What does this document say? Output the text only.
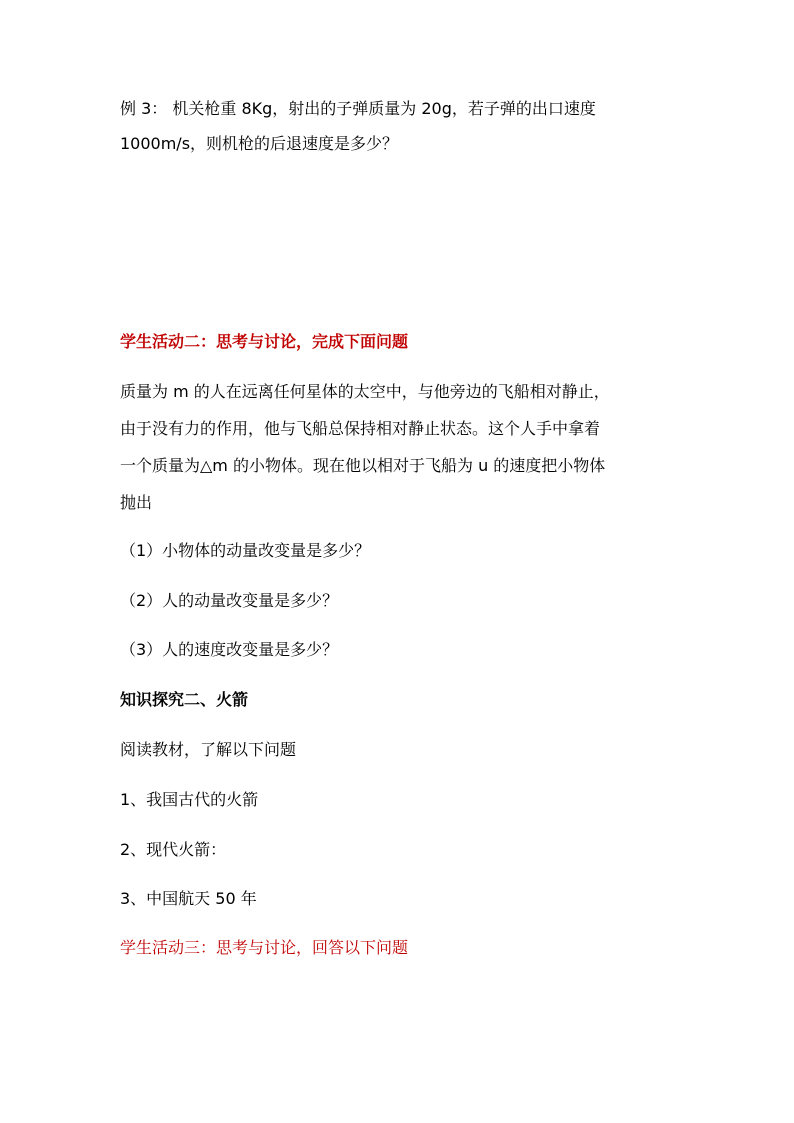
例 3： 机关枪重 8Kg，射出的子弹质量为 20g，若子弹的出口速度
1000m/s，则机枪的后退速度是多少？
学生活动二：思考与讨论，完成下面问题
质量为 m 的人在远离任何星体的太空中，与他旁边的飞船相对静止，
由于没有力的作用，他与飞船总保持相对静止状态。这个人手中拿着
一个质量为△m 的小物体。现在他以相对于飞船为 u 的速度把小物体
抛出
（1）小物体的动量改变量是多少？
（2）人的动量改变量是多少？
（3）人的速度改变量是多少？
知识探究二、火箭
阅读教材，了解以下问题
1、我国古代的火箭
2、现代火箭：
3、中国航天 50 年
学生活动三：思考与讨论，回答以下问题
